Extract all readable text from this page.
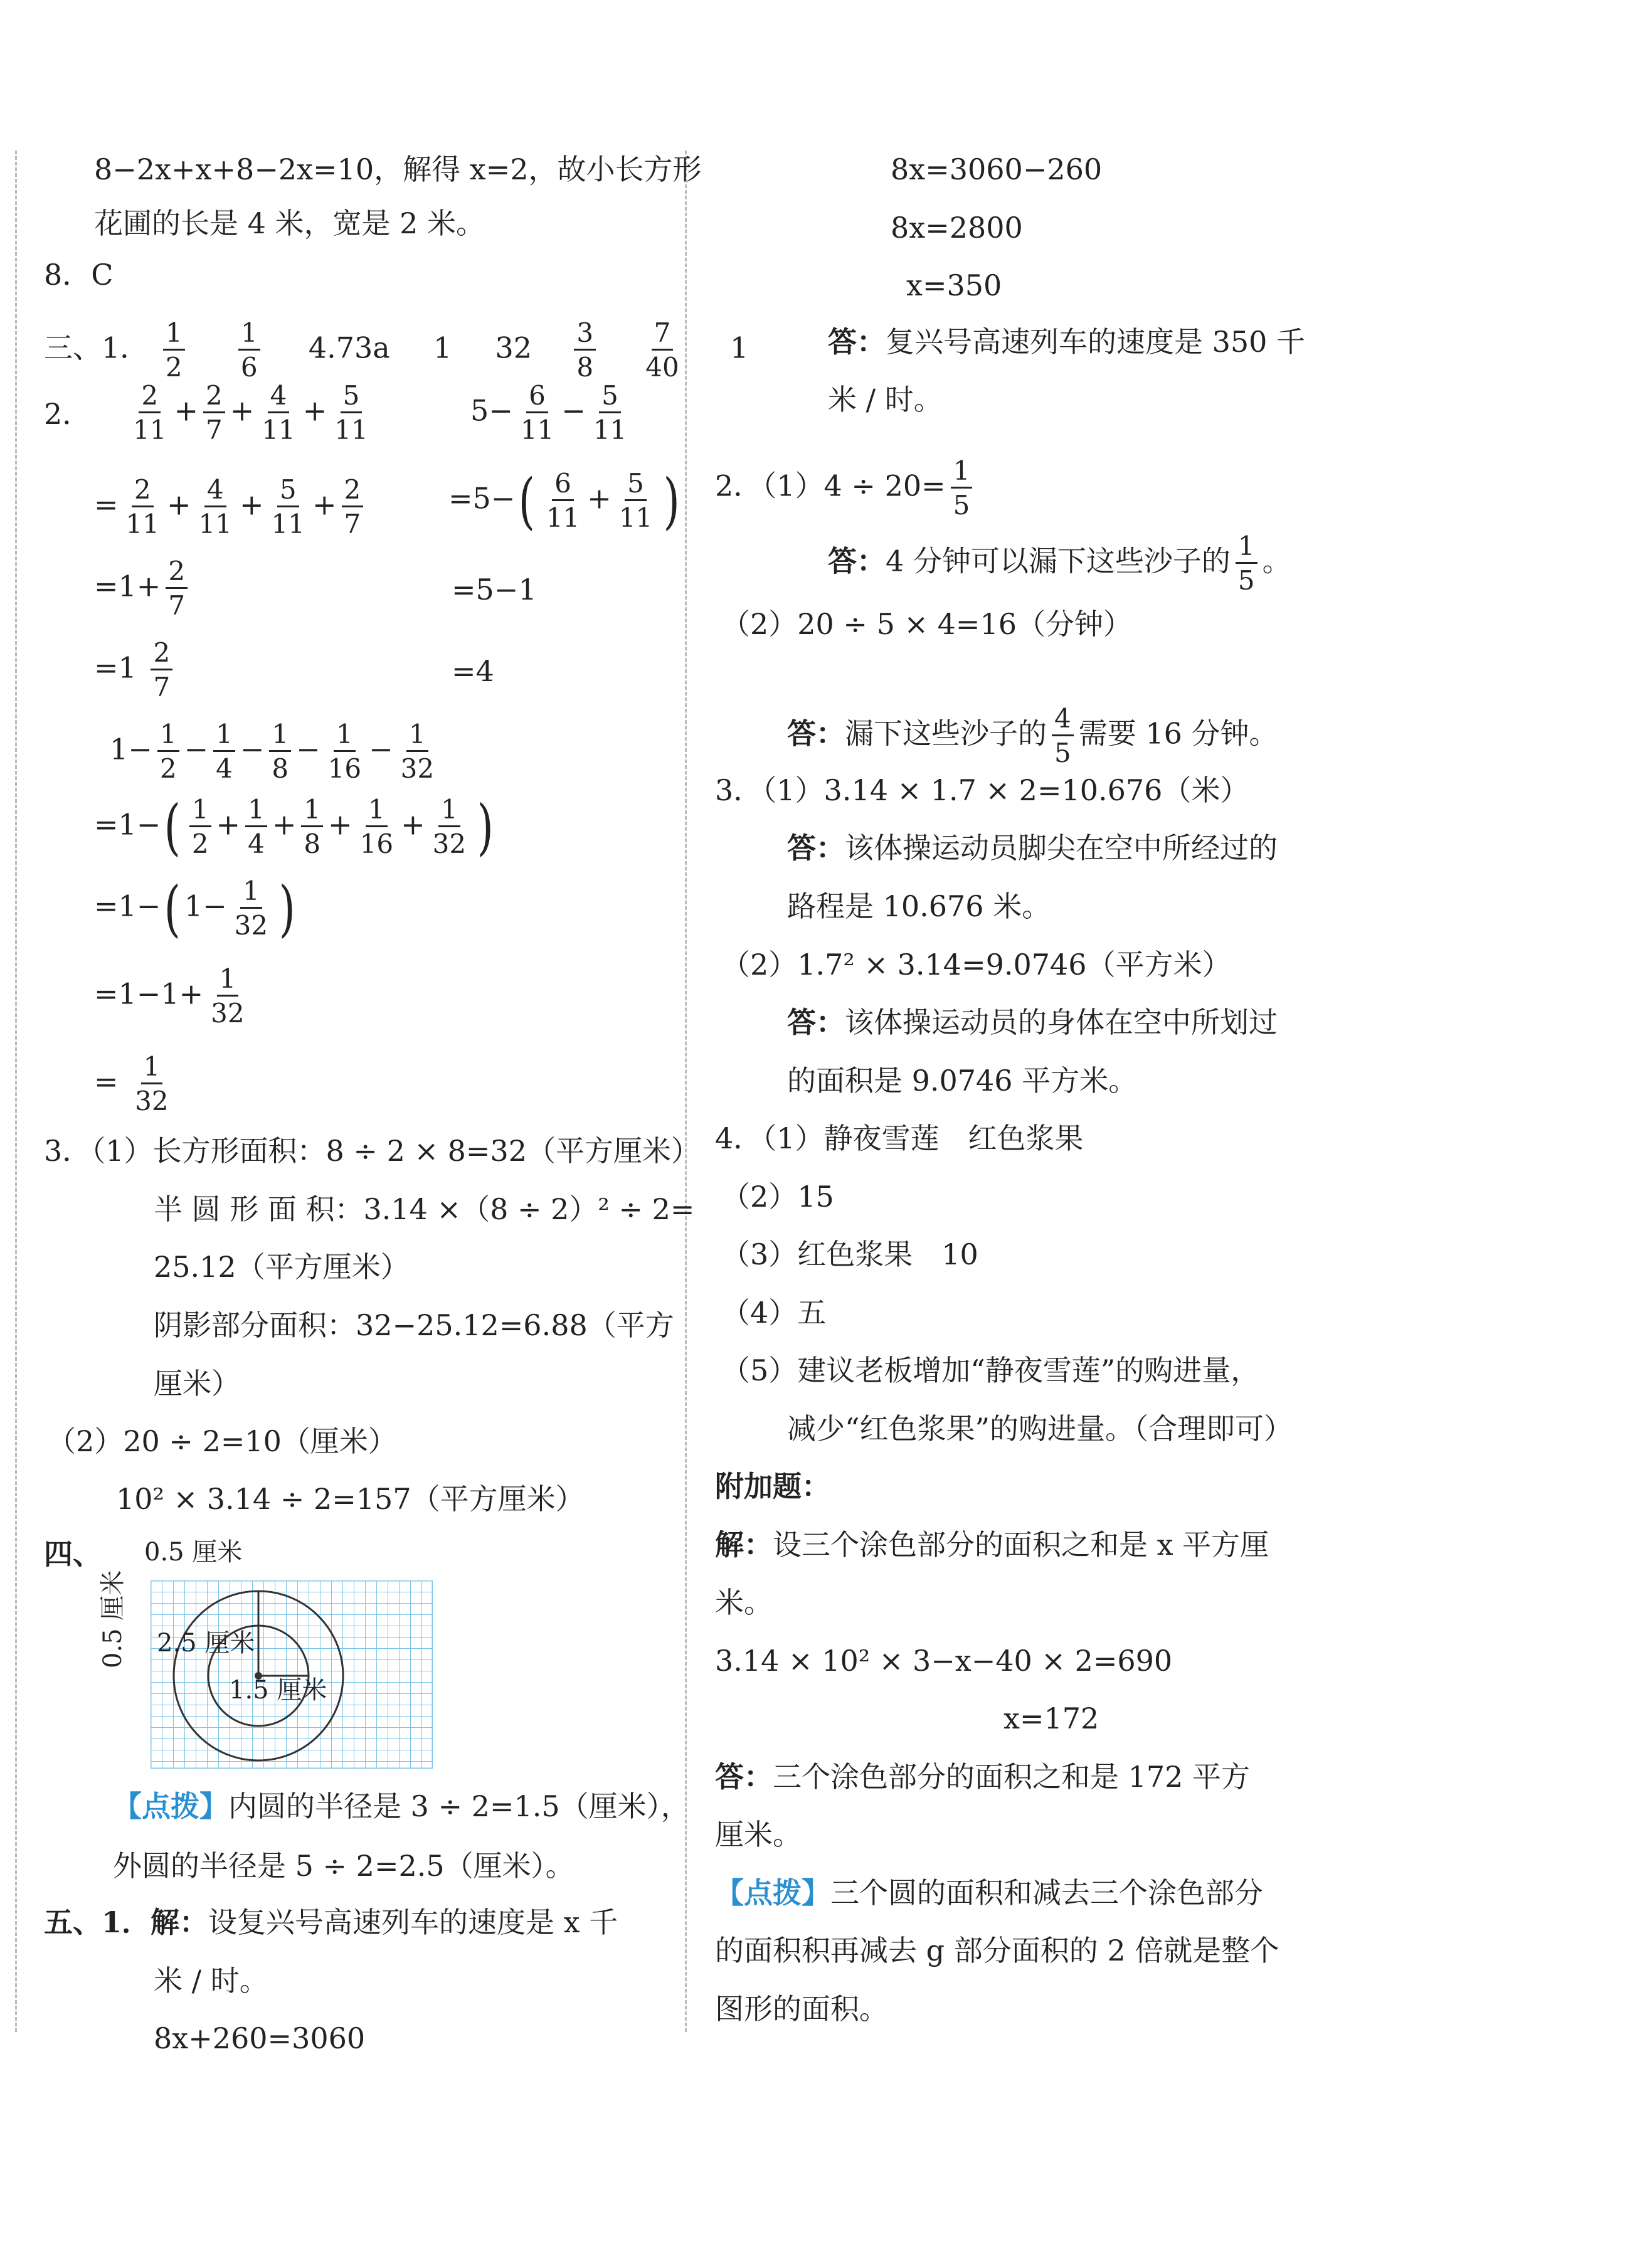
8−2x+x+8−2x=10，解得 x=2，故小长方形
花圃的长是 4 米，宽是 2 米。
8．C
三、1． $\frac{1}{2}$
$\frac{1}{6} 4.73a$ 1 $32 \frac{3}{8}$
$\frac{7}{40} 1$
2． $\frac{2}{11} + \frac{2}{7} + \frac{4}{11} + \frac{5}{11}$	$5- \frac{6}{11} - \frac{5}{11}$
= $\frac{2}{11} + \frac{4}{11} + \frac{5}{11} + \frac{2}{7}$	$=5-( \frac{6}{11} + \frac{5}{11}$ )
$=1+ \frac{2}{7}$	=5−1
$=1 \frac{2}{7}$	=4
$1- \frac{1}{2} - \frac{1}{4} - \frac{1}{8} - \frac{1}{16} - \frac{1}{32}$
$=1-( \frac{1}{2} + \frac{1}{4} + \frac{1}{8} + \frac{1}{16} + \frac{1}{32}$ )
=1−( $1- \frac{1}{32}$ )
$=1-1+ \frac{1}{32}$
= $\frac{1}{32}$
3．（1）长方形面积：8 ÷ 2 × 8=32（平方厘米）
半 圆 形 面 积：3.14 ×（8 ÷ 2）² ÷ 2=
25.12（平方厘米）
阴影部分面积：32−25.12=6.88（平方
厘米）
（2）20 ÷ 2=10（厘米）
10² × 3.14 ÷ 2=157（平方厘米）
四、 0.5 厘米
0.5 厘米 2.5 厘米
1.5 厘米
【点拨】内圆的半径是 3 ÷ 2=1.5（厘米），
外圆的半径是 5 ÷ 2=2.5（厘米）。
五、1．解：设复兴号高速列车的速度是 x 千
米 / 时。
8x+260=3060
8x=3060−260
8x=2800
x=350
答：复兴号高速列车的速度是 350 千
米 / 时。
2．$(1)4 \div 20= \frac{1}{5}$
答：4 分钟可以漏下这些沙子的 $\frac{1}{5}$ 。
（2）20 ÷ 5 × 4=16（分钟）
答：漏下这些沙子的 $\frac{4}{5}$ 需要 16 分钟。
3．（1）3.14 × 1.7 × 2=10.676（米）
答：该体操运动员脚尖在空中所经过的
路程是 10.676 米。
（2）1.7² × 3.14=9.0746（平方米）
答：该体操运动员的身体在空中所划过
的面积是 9.0746 平方米。
4．（1）静夜雪莲　红色浆果
（2）15
（3）红色浆果　10
（4）五
（5）建议老板增加“静夜雪莲”的购进量，
减少“红色浆果”的购进量。（合理即可）
附加题：
解：设三个涂色部分的面积之和是 x 平方厘
米。
3.14 × 10² × 3−x−40 × 2=690
x=172
答：三个涂色部分的面积之和是 172 平方
厘米。
【点拨】三个圆的面积和减去三个涂色部分
的面积积再减去 g 部分面积的 2 倍就是整个
图形的面积。
